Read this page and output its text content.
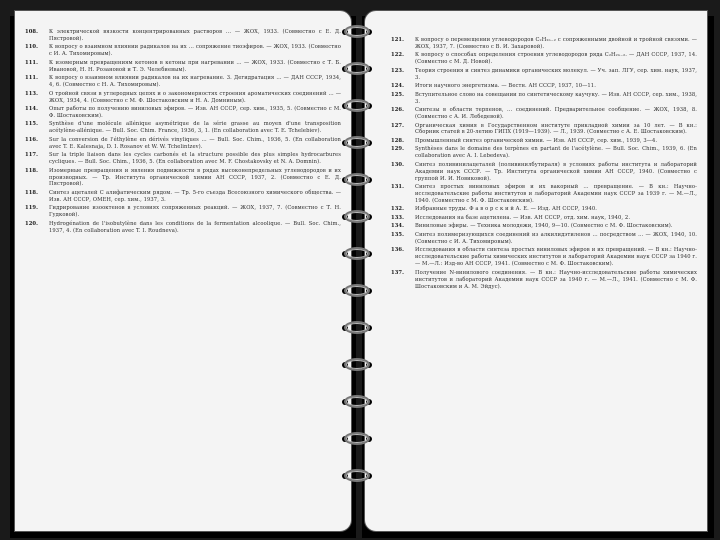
108.	К электрической вязкости концентрированных растворов ... — ЖОХ, 1933. (Совместно с Е. Д. Пястровой).
110.	К вопросу о взаимном влиянии радикалов на их ... сопряжение тиоэфиров. — ЖОХ, 1933. (Совместно с И. А. Тихомировым).
111.	К изомерным превращениям кетонов в кетоны при нагревании ... — ЖОХ, 1933. (Совместно с Т. Б. Ивановой, Н. Н. Розановой и Т. Э. Челебиевым).
111.	К вопросу о взаимном влиянии радикалов на их нагревание. 3. Дегидратация ... — ДАН СССР, 1934, 4, 6. (Совместно с Н. А. Тихомировым).
113.	О тройной связи в углеродных цепях и о закономерностях строения ароматических соединений ... — ЖОХ, 1934, 4. (Совместно с М. Ф. Шостаковским и Н. А. Домниным).
114.	Опыт работы по получению виниловых эфиров. — Изв. АН СССР, сер. хим., 1935, 5. (Совместно с М. Ф. Шостаковским).
115.	Synthèse d'une molécule allénique asymétrique de la série grasse au moyen d'une transposition acétylène-allénique. — Bull. Soc. Chim. France, 1936, 3, 1. (En collaboration avec T. E. Tchelebiev).
116.	Sur la conversion de l'éthylène en dérivés vinyliques ... — Bull. Soc. Chim., 1936, 5. (En collaboration avec T. E. Kalesnaja, D. I. Rosanov et W. W. Tchelintzev).
117.	Sur la triple liaison dans les cycles carbonés et la structure possible des plus simples hydrocarbures cycliques. — Bull. Soc. Chim., 1936, 5. (En collaboration avec M. F. Chostakovsky et N. A. Domnin).
118.	Изомерные превращения и явления подвижности в рядах высоконепредельных углеводородов и их производных. — Тр. Института органической химии АН СССР, 1937, 2. (Совместно с Е. Д. Пястровой).
118.	Синтез ацеталей С алифатическим рядом. — Тр. 5-го съезда Всесоюзного химического общества. — Изв. АН СССР, ОМЕН, сер. хим., 1937, 3.
119.	Гидрирование изооктенов в условиях сопряженных реакций. — ЖОХ, 1937, 7. (Совместно с Т. Н. Гудковой).
120.	Hydrogénation de l'isobutylène dans les conditions de la fermentation alcoolique. — Bull. Soc. Chim., 1937, 4. (En collaboration avec T. I. Roudneva).
121.	К вопросу о перемещении углеводородов С₂Н₂ₙ₋₂ с сопряженными двойной и тройной связями. — ЖОХ, 1937, 7. (Совместно с В. И. Захаровой).
122.	К вопросу о способах определения строения углеводородов ряда С₂Н₂ₙ₋₂. — ДАН СССР, 1937, 14. (Совместно с М. Д. Новой).
123.	Теория строения и синтез динамики органических молекул. — Уч. зап. ЛГУ, сер. хим. наук, 1937, 3.
124.	Итоги научного энергетизма. — Вестн. АН СССР, 1937, 10—11.
125.	Вступительное слово на совещании по синтетическому каучуку. — Изв. АН СССР, сер. хим., 1938, 3.
126.	Синтезы в области терпенов, ... соединений. Предварительное сообщение. — ЖОХ, 1938, 8. (Совместно с А. И. Лебедевой).
127.	Органическая химия в Государственном институте прикладной химии за 10 лет. — В кн.: Сборник статей в 20-летию ГИПХ (1919—1939). — Л., 1939. (Совместно с А. Е. Шостаковским).
128.	Промышленный синтез органической химии. — Изв. АН СССР, сер. хим., 1939, 3—4.
129.	Synthèses dans le domaine des terpènes en partant de l'acétylène. — Bull. Soc. Chim., 1939, 6. (En collaboration avec A. I. Lebedeva).
130.	Синтез поливинилацеталей (поливинилбутираля) в условиях работы института и лабораторий Академии наук СССР. — Тр. Института органической химии АН СССР, 1940. (Совместно с группой И. И. Новиковой).
131.	Синтез простых виниловых эфиров и их вакорный ... превращение. — В кн.: Научно-исследовательские работы институтов и лабораторий Академии наук СССР за 1939 г. — М.—Л., 1940. (Совместно с М. Ф. Шостаковским).
132.	Избранные труды. Ф а в о р с к и й А. Е. — Изд. АН СССР, 1940.
133.	Исследования на базе ацетилена. — Изв. АН СССР, отд. хим. наук, 1940, 2.
134.	Виниловые эфиры. — Техника молодежи, 1940, 9—10. (Совместно с М. Ф. Шостаковским).
135.	Синтез полимеризующихся соединений из алкилидэтиленов ... посредством ... — ЖОХ, 1940, 10. (Совместно с И. А. Тихомировым).
136.	Исследования в области синтеза простых виниловых эфиров и их превращений. — В кн.: Научно-исследовательские работы химических институтов и лабораторий Академии наук СССР за 1940 г. — М.—Л.: Изд-во АН СССР, 1941. (Совместно с М. Ф. Шостаковским).
137.	Получение N-винилового соединения. — В кн.: Научно-исследовательские работы химических институтов и лабораторий Академии наук СССР за 1940 г. — М.—Л., 1941. (Совместно с М. Ф. Шостаковским и А. М. Эйдус).
